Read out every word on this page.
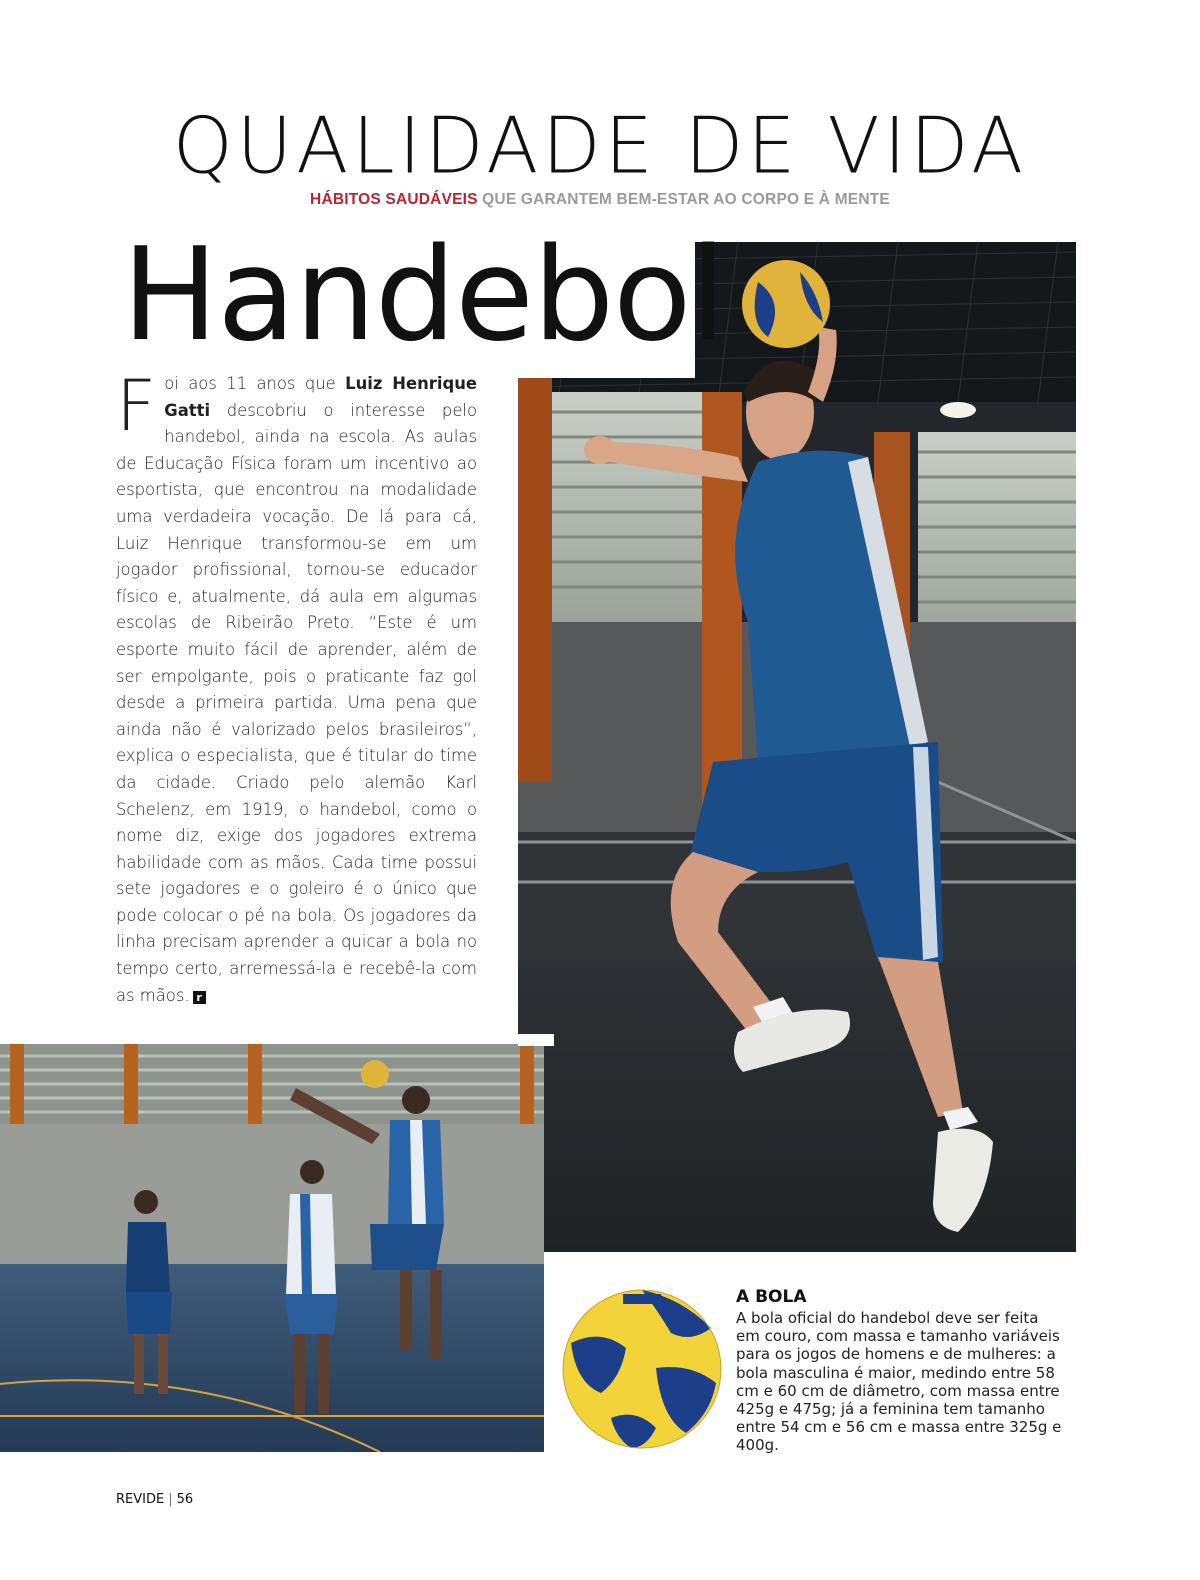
QUALIDADE DE VIDA
HÁBITOS SAUDÁVEIS QUE GARANTEM BEM-ESTAR AO CORPO E À MENTE
Handebol
Foi aos 11 anos que Luiz Henrique Gatti descobriu o interesse pelo handebol, ainda na escola. As aulas de Educação Física foram um incentivo ao esportista, que encontrou na modalidade uma verdadeira vocação. De lá para cá, Luiz Henrique transformou-se em um jogador profissional, tornou-se educador físico e, atualmente, dá aula em algumas escolas de Ribeirão Preto. “Este é um esporte muito fácil de aprender, além de ser empolgante, pois o praticante faz gol desde a primeira partida. Uma pena que ainda não é valorizado pelos brasileiros”, explica o especialista, que é titular do time da cidade. Criado pelo alemão Karl Schelenz, em 1919, o handebol, como o nome diz, exige dos jogadores extrema habilidade com as mãos. Cada time possui sete jogadores e o goleiro é o único que pode colocar o pé na bola. Os jogadores da linha precisam aprender a quicar a bola no tempo certo, arremessá-la e recebê-la com as mãos. r
A BOLA
A bola oficial do handebol deve ser feita em couro, com massa e tamanho variáveis para os jogos de homens e de mulheres: a bola masculina é maior, medindo entre 58 cm e 60 cm de diâmetro, com massa entre 425g e 475g; já a feminina tem tamanho entre 54 cm e 56 cm e massa entre 325g e 400g.
REVIDE | 56
